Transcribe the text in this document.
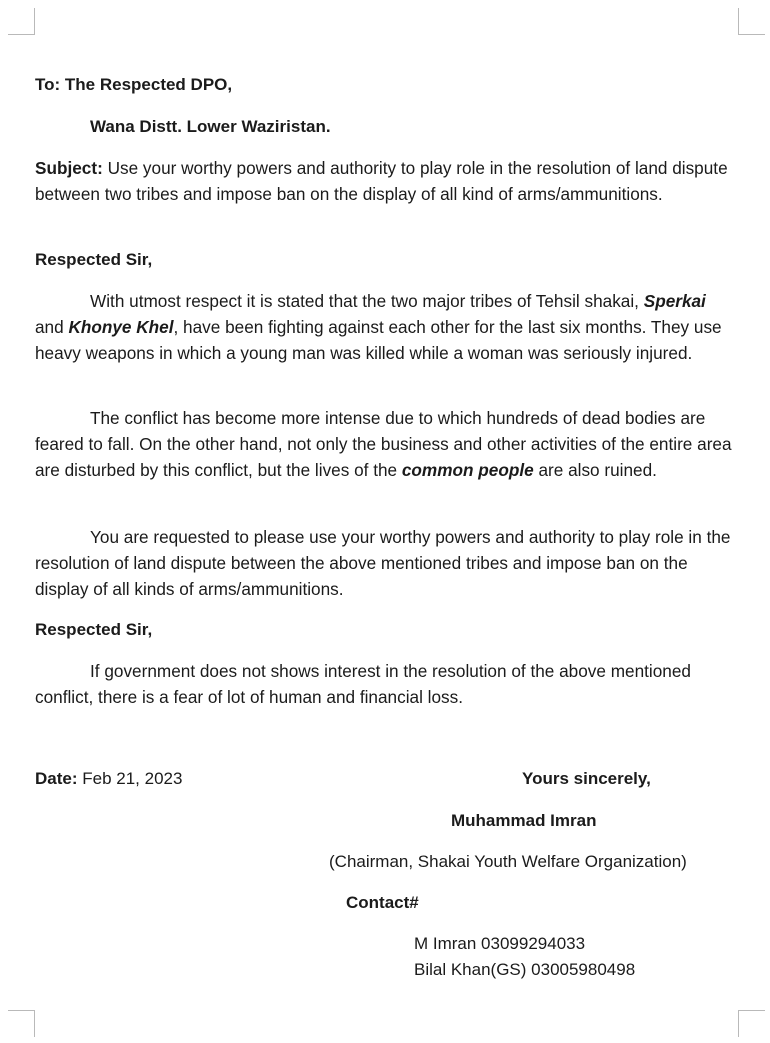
To: The Respected DPO,
Wana Distt. Lower Waziristan.
Subject: Use your worthy powers and authority to play role in the resolution of land dispute between two tribes and impose ban on the display of all kind of arms/ammunitions.
Respected Sir,
With utmost respect it is stated that the two major tribes of Tehsil shakai, Sperkai and Khonye Khel, have been fighting against each other for the last six months. They use heavy weapons in which a young man was killed while a woman was seriously injured.
The conflict has become more intense due to which hundreds of dead bodies are feared to fall. On the other hand, not only the business and other activities of the entire area are disturbed by this conflict, but the lives of the common people are also ruined.
You are requested to please use your worthy powers and authority to play role in the resolution of land dispute between the above mentioned tribes and impose ban on the display of all kinds of arms/ammunitions.
Respected Sir,
If government does not shows interest in the resolution of the above mentioned conflict, there is a fear of lot of human and financial loss.
Date: Feb 21, 2023	Yours sincerely,
Muhammad Imran
(Chairman, Shakai Youth Welfare Organization)
Contact#
M Imran 03099294033
Bilal Khan(GS) 03005980498
